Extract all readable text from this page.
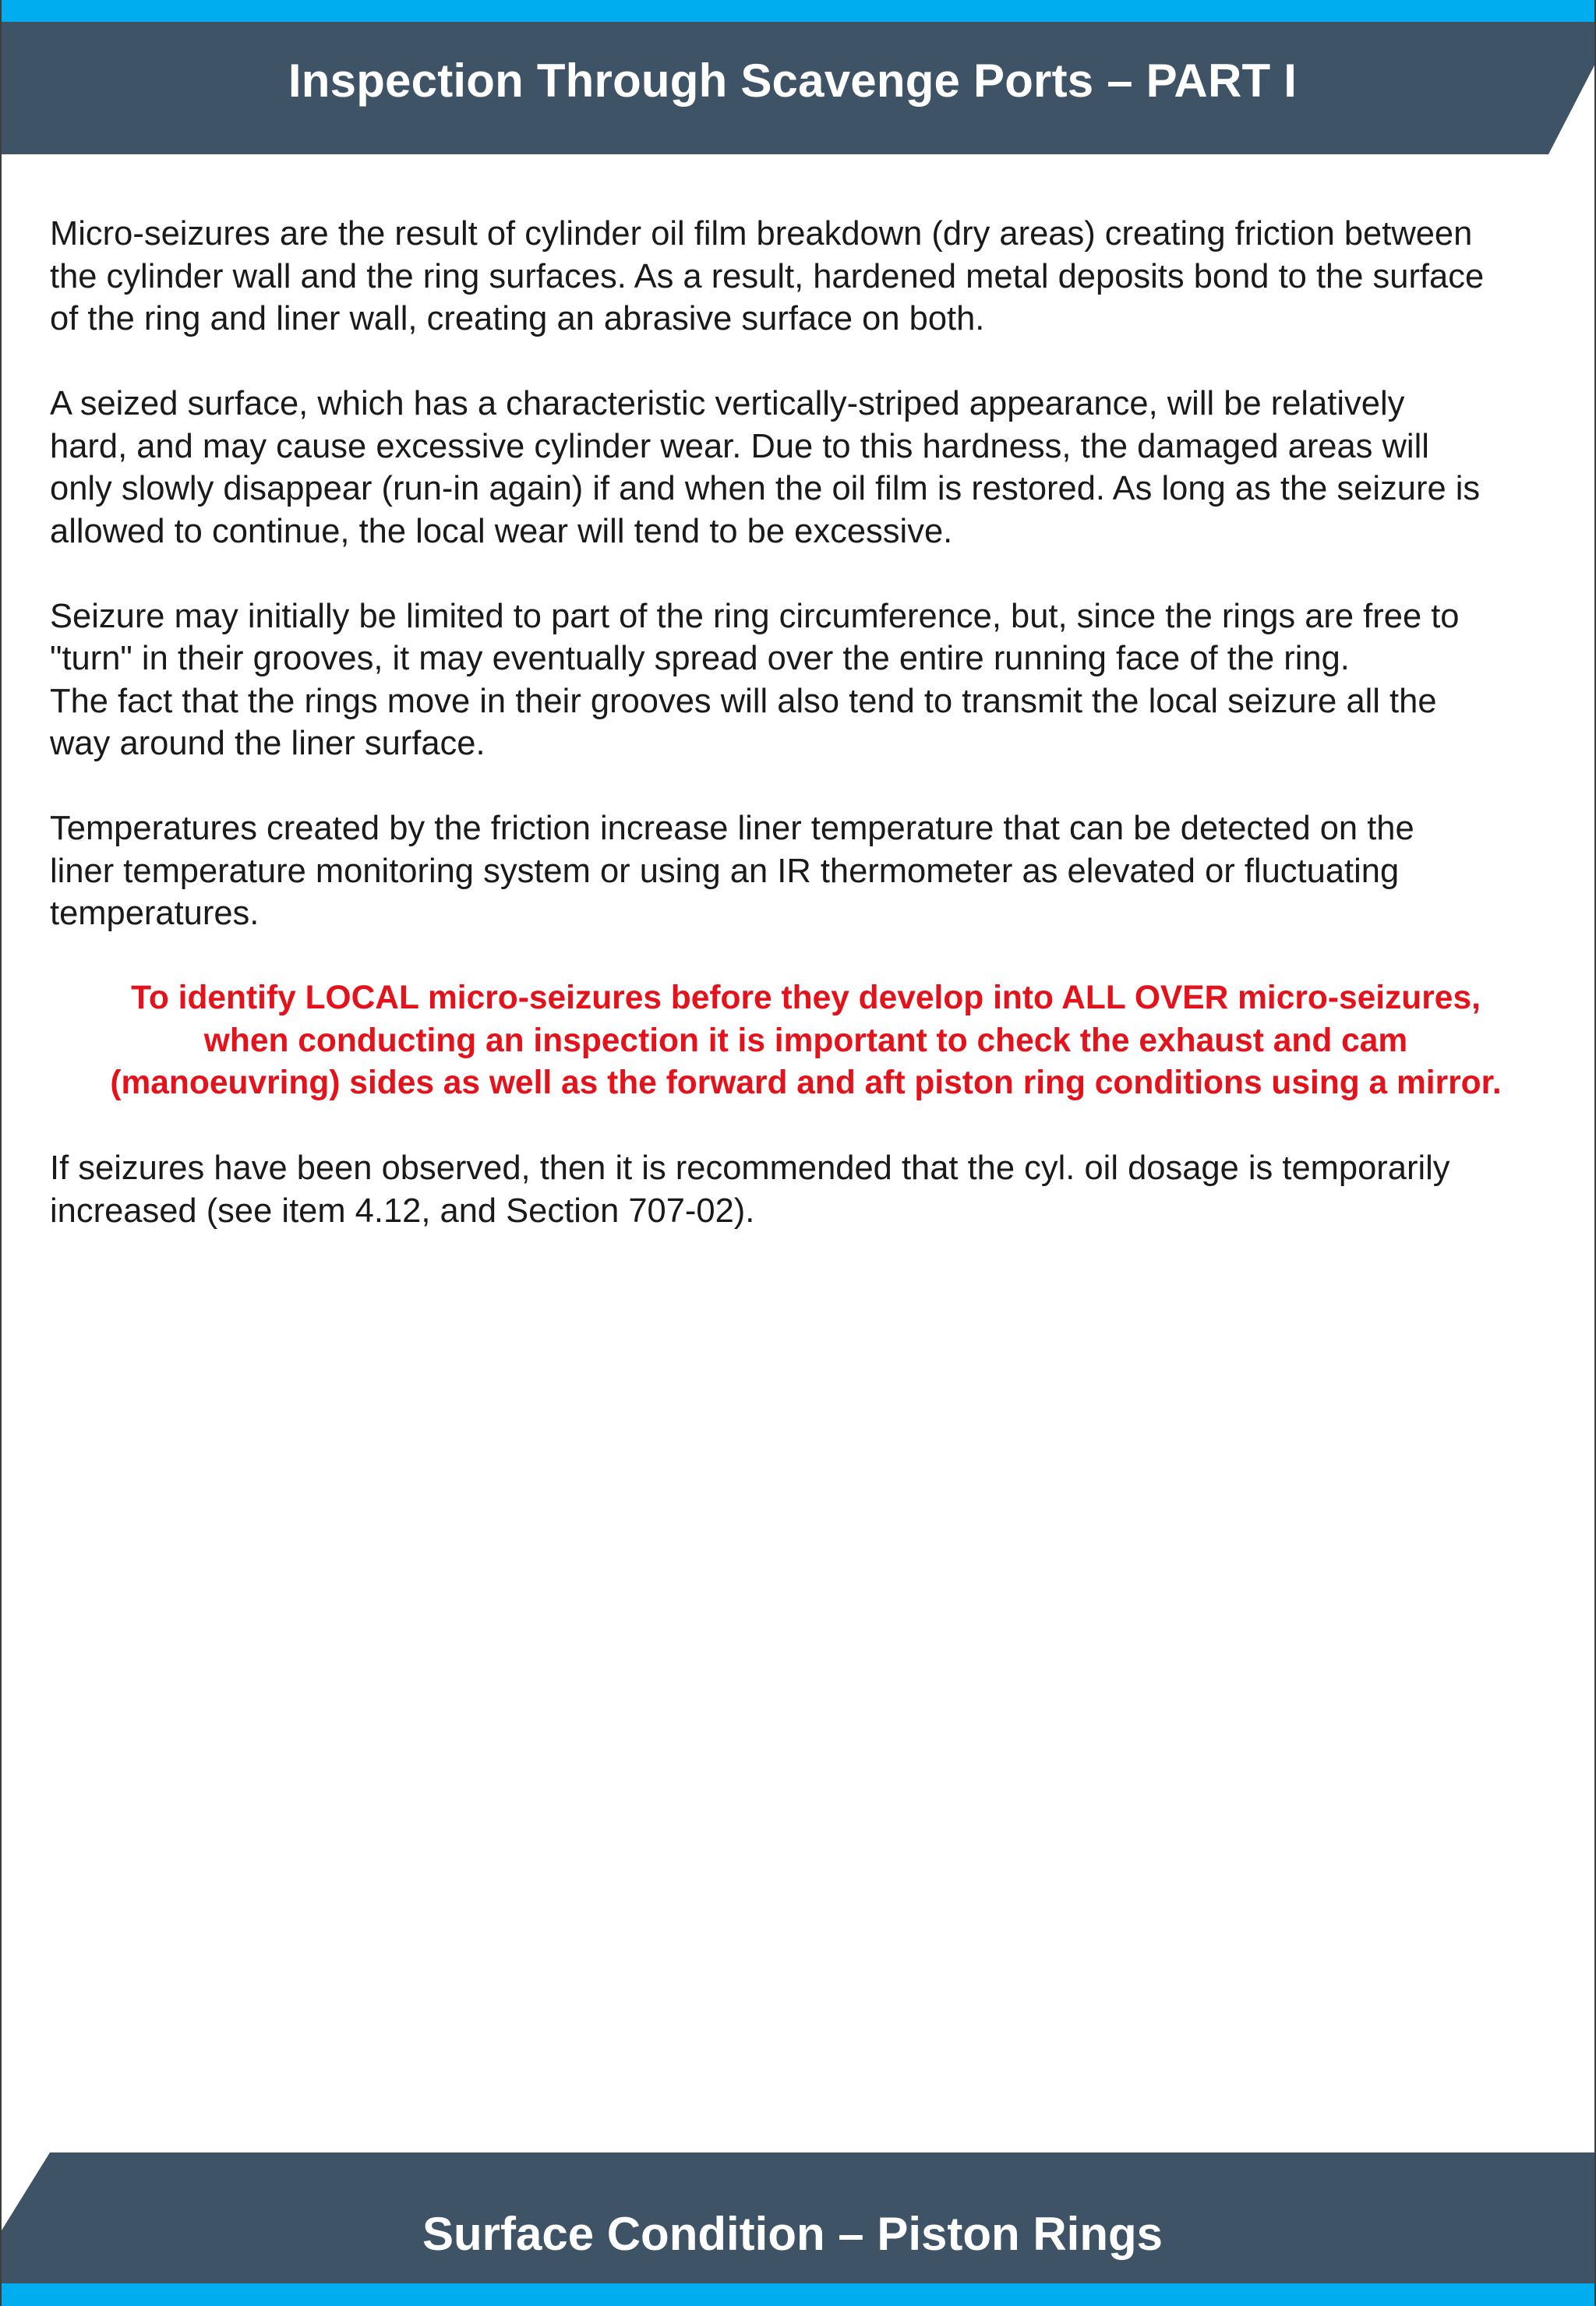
Inspection Through Scavenge Ports – PART I

Micro-seizures are the result of cylinder oil film breakdown (dry areas) creating friction between
the cylinder wall and the ring surfaces. As a result, hardened metal deposits bond to the surface
of the ring and liner wall, creating an abrasive surface on both.

A seized surface, which has a characteristic vertically-striped appearance, will be relatively
hard, and may cause excessive cylinder wear. Due to this hardness, the damaged areas will
only slowly disappear (run-in again) if and when the oil film is restored. As long as the seizure is
allowed to continue, the local wear will tend to be excessive.

Seizure may initially be limited to part of the ring circumference, but, since the rings are free to
"turn" in their grooves, it may eventually spread over the entire running face of the ring.
The fact that the rings move in their grooves will also tend to transmit the local seizure all the
way around the liner surface.

Temperatures created by the friction increase liner temperature that can be detected on the
liner temperature monitoring system or using an IR thermometer as elevated or fluctuating
temperatures.

To identify LOCAL micro-seizures before they develop into ALL OVER micro-seizures,
when conducting an inspection it is important to check the exhaust and cam
(manoeuvring) sides as well as the forward and aft piston ring conditions using a mirror.

If seizures have been observed, then it is recommended that the cyl. oil dosage is temporarily
increased (see item 4.12, and Section 707-02).

Surface Condition – Piston Rings
